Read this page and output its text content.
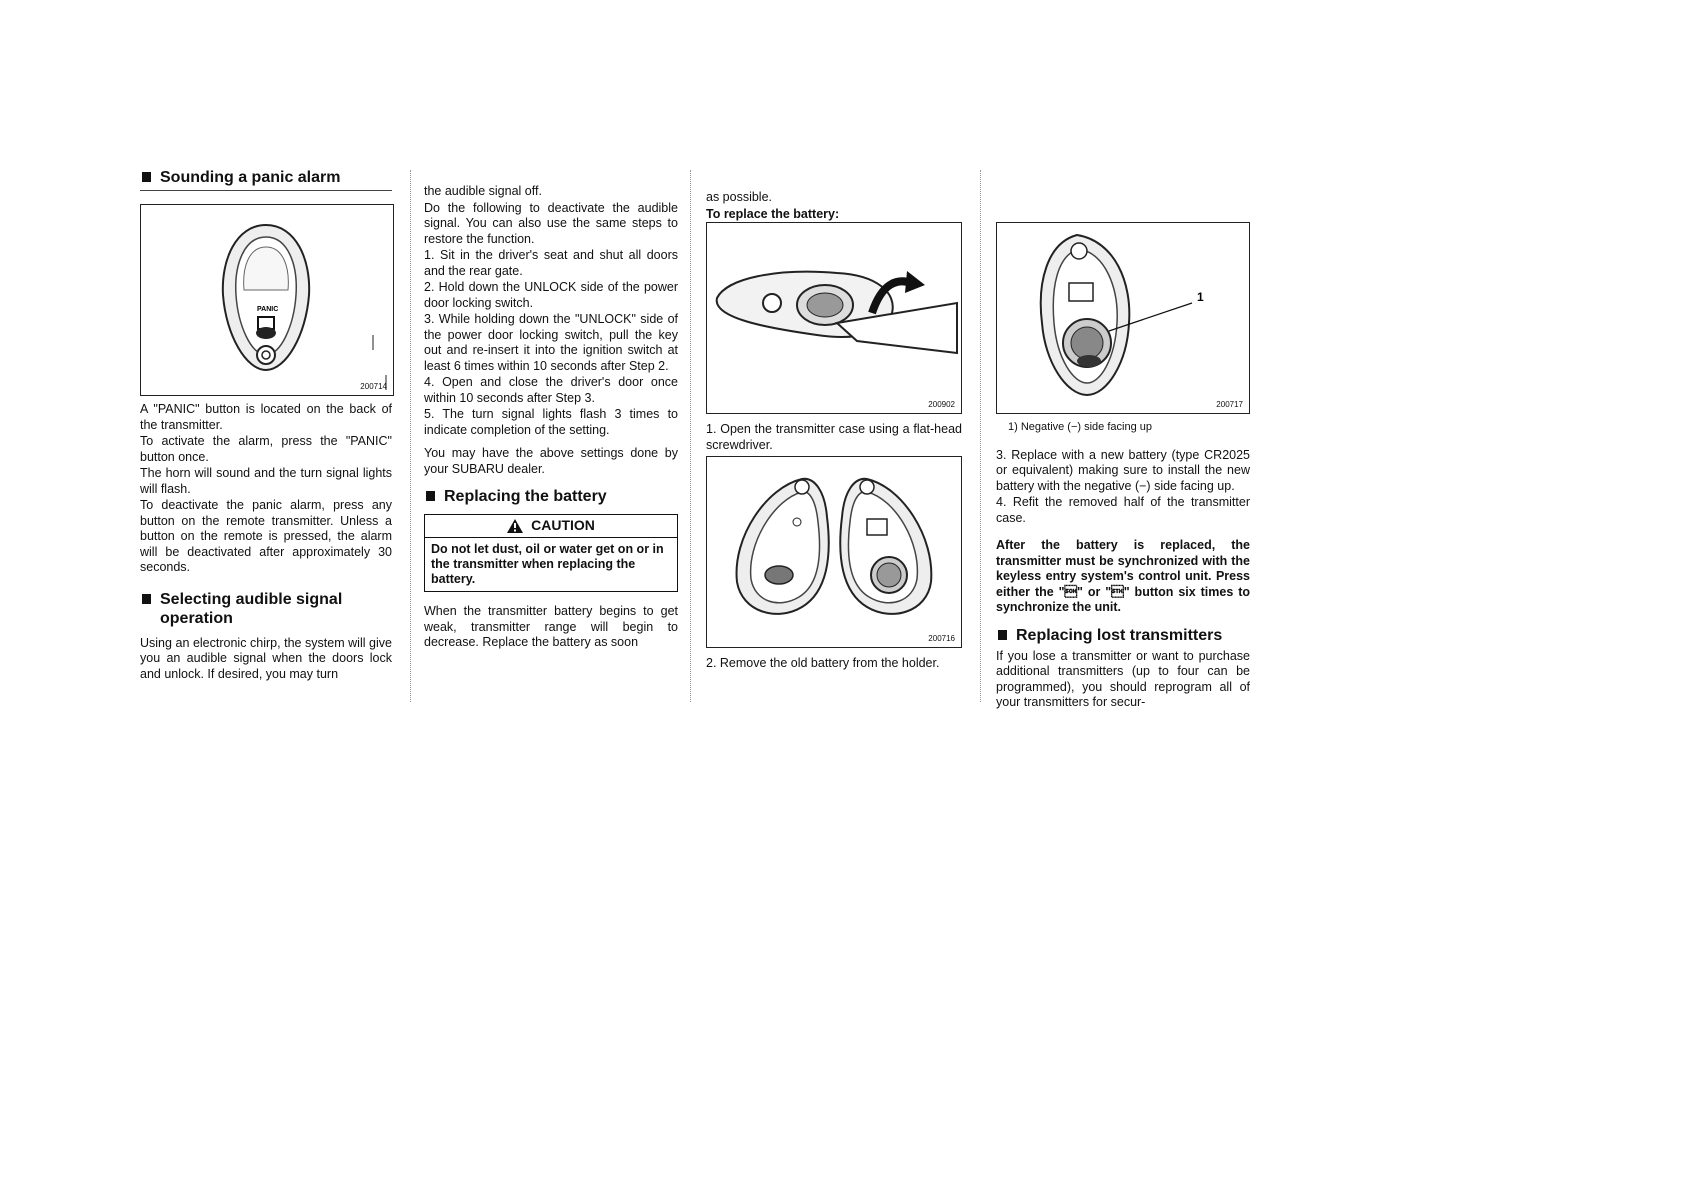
Sounding a panic alarm
PANIC
200714

A "PANIC" button is located on the back of the transmitter.

To activate the alarm, press the "PANIC" button once.

The horn will sound and the turn signal lights will flash.

To deactivate the panic alarm, press any button on the remote transmitter. Unless a button on the remote is pressed, the alarm will be deactivated after approximately 30 seconds.

Selecting audible signal operation

Using an electronic chirp, the system will give you an audible signal when the doors lock and unlock. If desired, you may turn

the audible signal off.

Do the following to deactivate the audible signal. You can also use the same steps to restore the function.

1. Sit in the driver's seat and shut all doors and the rear gate.

2. Hold down the UNLOCK side of the power door locking switch.

3. While holding down the "UNLOCK" side of the power door locking switch, pull the key out and re-insert it into the ignition switch at least 6 times within 10 seconds after Step 2.

4. Open and close the driver's door once within 10 seconds after Step 3.

5. The turn signal lights flash 3 times to indicate completion of the setting.

You may have the above settings done by your SUBARU dealer.

Replacing the battery
CAUTION
Do not let dust, oil or water get on or in the transmitter when replacing the battery.

When the transmitter battery begins to get weak, transmitter range will begin to decrease. Replace the battery as soon

as possible.

To replace the battery:

200902

1. Open the transmitter case using a flat-head screwdriver.

200716

2. Remove the old battery from the holder.

1
200717

1) Negative (−) side facing up

3. Replace with a new battery (type CR2025 or equivalent) making sure to install the new battery with the negative (−) side facing up.

4. Refit the removed half of the transmitter case.

After the battery is replaced, the transmitter must be synchronized with the keyless entry system's control unit. Press either the "" or "" button six times to synchronize the unit.

Replacing lost transmitters

If you lose a transmitter or want to purchase additional transmitters (up to four can be programmed), you should reprogram all of your transmitters for secur-
